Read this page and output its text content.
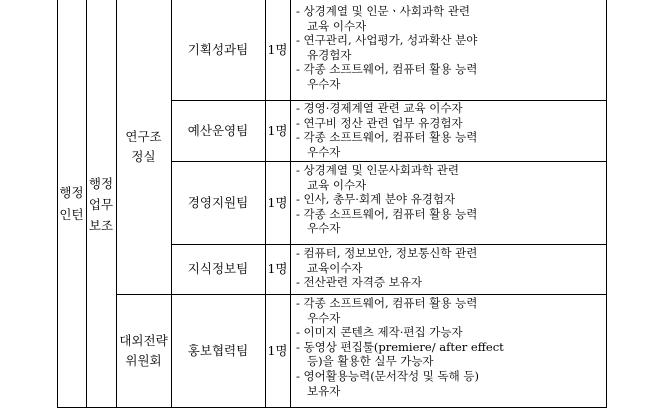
행정인턴
행정업무보조
연구조정실
대외전략위원회
기획성과팀
예산운영팀
경영지원팀
지식정보팀
홍보협력팀
1명
1명
1명
1명
1명
- 상경계열 및 인문ㆍ사회과학 관련
교육 이수자
- 연구관리, 사업평가, 성과확산 분야
유경험자
- 각종 소프트웨어, 컴퓨터 활용 능력
우수자
- 경영·경제계열 관련 교육 이수자
- 연구비 정산 관련 업무 유경험자
- 각종 소프트웨어, 컴퓨터 활용 능력
우수자
- 상경계열 및 인문사회과학 관련
교육 이수자
- 인사, 총무·회계 분야 유경험자
- 각종 소프트웨어, 컴퓨터 활용 능력
우수자
- 컴퓨터, 정보보안, 정보통신학 관련
교육이수자
- 전산관련 자격증 보유자
- 각종 소프트웨어, 컴퓨터 활용 능력
우수자
- 이미지 콘텐츠 제작·편집 가능자
- 동영상 편집툴(premiere/ after effect
등)을 활용한 실무 가능자
- 영어활용능력(문서작성 및 독해 등)
보유자
